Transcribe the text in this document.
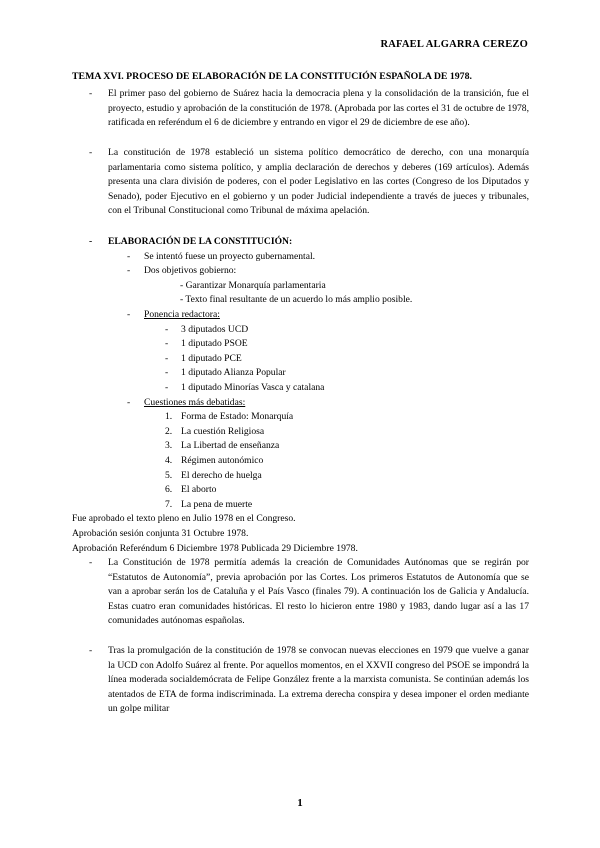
RAFAEL ALGARRA CEREZO
TEMA XVI. PROCESO DE ELABORACIÓN DE LA CONSTITUCIÓN ESPAÑOLA DE 1978.
- El primer paso del gobierno de Suárez hacia la democracia plena y la consolidación de la transición, fue el proyecto, estudio y aprobación de la constitución de 1978. (Aprobada por las cortes el 31 de octubre de 1978, ratificada en referéndum el 6 de diciembre y entrando en vigor el 29 de diciembre de ese año).
- La constitución de 1978 estableció un sistema político democrático de derecho, con una monarquía parlamentaria como sistema político, y amplia declaración de derechos y deberes (169 artículos). Además presenta una clara división de poderes, con el poder Legislativo en las cortes (Congreso de los Diputados y Senado), poder Ejecutivo en el gobierno y un poder Judicial independiente a través de jueces y tribunales, con el Tribunal Constitucional como Tribunal de máxima apelación.
- ELABORACIÓN DE LA CONSTITUCIÓN:
- Se intentó fuese un proyecto gubernamental.
- Dos objetivos gobierno:
- Garantizar Monarquía parlamentaria
- Texto final resultante de un acuerdo lo más amplio posible.
- Ponencia redactora:
- 3 diputados UCD
- 1 diputado PSOE
- 1 diputado PCE
- 1 diputado Alianza Popular
- 1 diputado Minorías Vasca y catalana
- Cuestiones más debatidas:
1. Forma de Estado: Monarquía
2. La cuestión Religiosa
3. La Libertad de enseñanza
4. Régimen autonómico
5. El derecho de huelga
6. El aborto
7. La pena de muerte
Fue aprobado el texto pleno en Julio 1978 en el Congreso.
Aprobación sesión conjunta 31 Octubre 1978.
Aprobación Referéndum 6 Diciembre 1978 Publicada 29 Diciembre 1978.
- La Constitución de 1978 permitía además la creación de Comunidades Autónomas que se regirán por “Estatutos de Autonomía”, previa aprobación por las Cortes. Los primeros Estatutos de Autonomía que se van a aprobar serán los de Cataluña y el País Vasco (finales 79). A continuación los de Galicia y Andalucía. Estas cuatro eran comunidades históricas. El resto lo hicieron entre 1980 y 1983, dando lugar así a las 17 comunidades autónomas españolas.
- Tras la promulgación de la constitución de 1978 se convocan nuevas elecciones en 1979 que vuelve a ganar la UCD con Adolfo Suárez al frente. Por aquellos momentos, en el XXVII congreso del PSOE se impondrá la línea moderada socialdemócrata de Felipe González frente a la marxista comunista. Se continúan además los atentados de ETA de forma indiscriminada. La extrema derecha conspira y desea imponer el orden mediante un golpe militar
1
